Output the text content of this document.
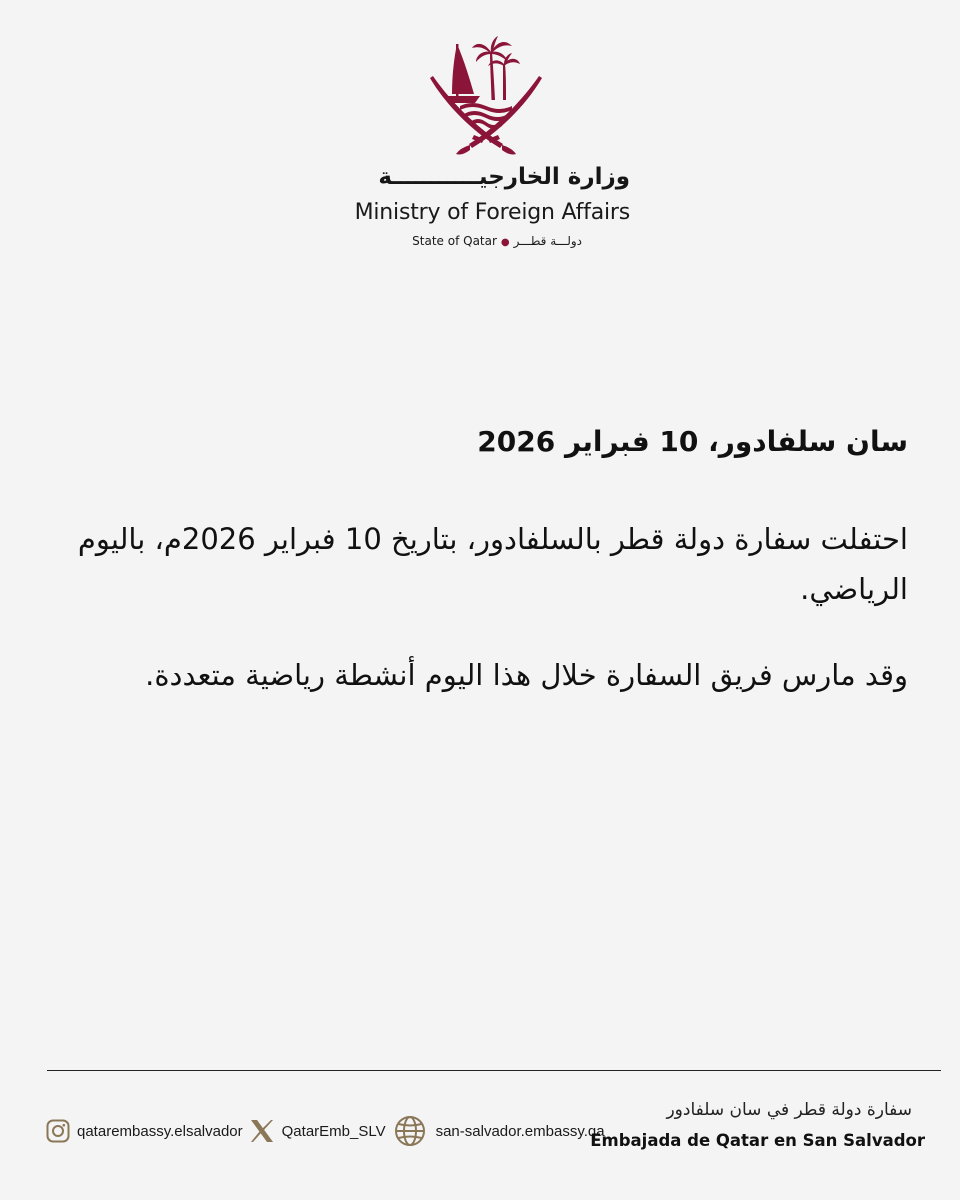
وزارة الخارجيـــــــــــة
Ministry of Foreign Affairs
State of Qatar ● دولـــة قطـــر
سان سلفادور، 10 فبراير 2026

احتفلت سفارة دولة قطر بالسلفادور، بتاريخ 10 فبراير 2026م، باليوم الرياضي.

وقد مارس فريق السفارة خلال هذا اليوم أنشطة رياضية متعددة.

qatarembassy.elsalvador	QatarEmb_SLV	san-salvador.embassy.qa
سفارة دولة قطر في سان سلفادور
Embajada de Qatar en San Salvador
